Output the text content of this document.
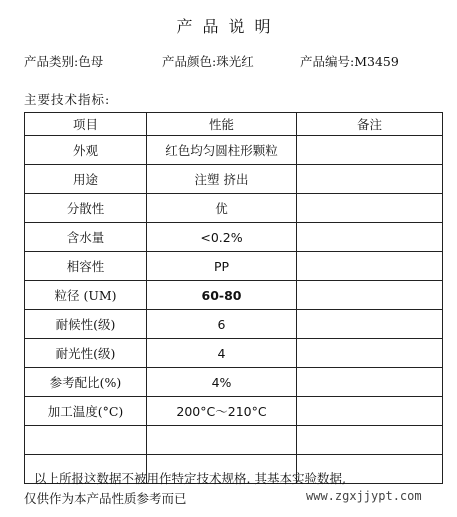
产品说明
产品类别:色母	产品颜色:珠光红	产品编号:M3459
主要技术指标:
项目	性能	备注
外观	红色均匀圆柱形颗粒	
用途	注塑 挤出	
分散性	优	
含水量	<0.2%	
相容性	PP	
粒径 (UM)	60-80	
耐候性(级)	6	
耐光性(级)	4	
参考配比(%)	4%	
加工温度(°C)	200°C～210°C	

以上所报这数据不被用作特定技术规格. 其基本实验数据,
仅供作为本产品性质参考而已	www.zgxjjypt.com
